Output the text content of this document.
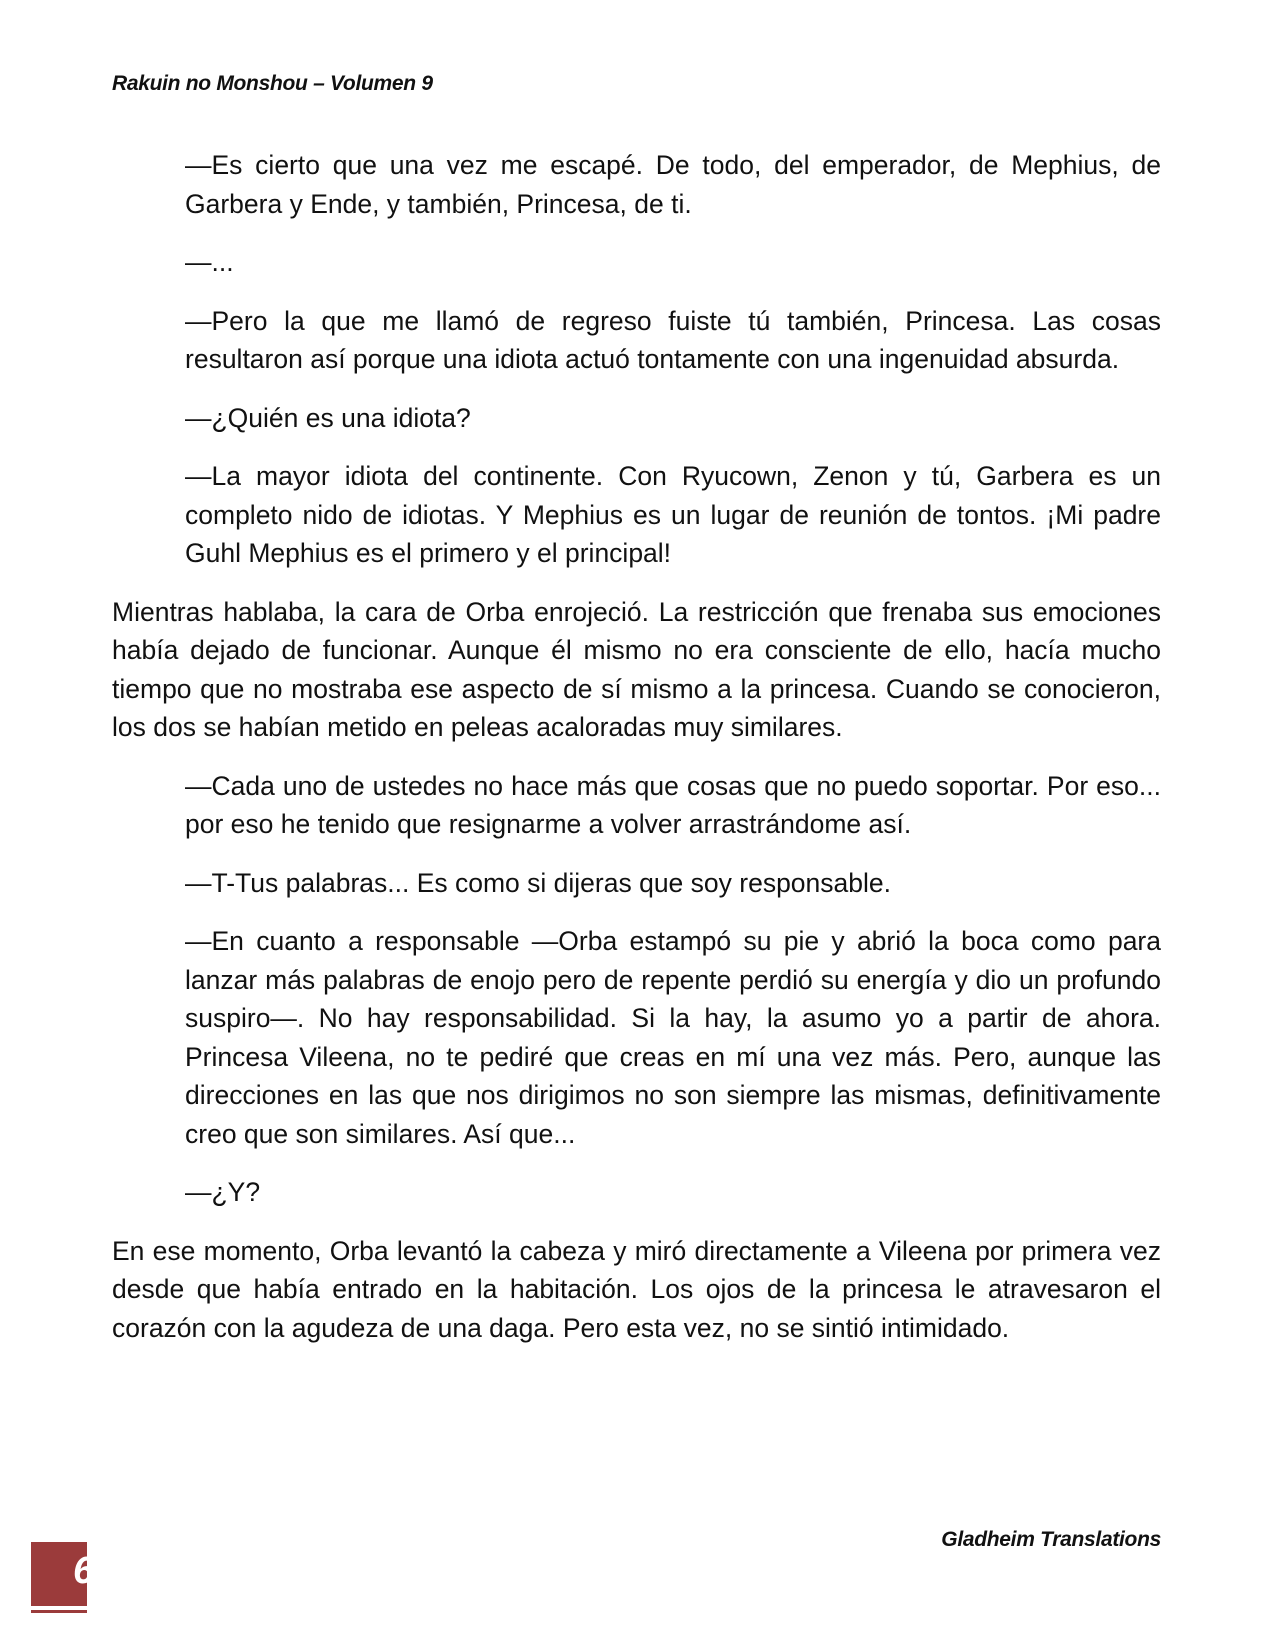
Rakuin no Monshou – Volumen 9

—Es cierto que una vez me escapé. De todo, del emperador, de Mephius, de Garbera y Ende, y también, Princesa, de ti.

—...

—Pero la que me llamó de regreso fuiste tú también, Princesa. Las cosas resultaron así porque una idiota actuó tontamente con una ingenuidad absurda.

—¿Quién es una idiota?

—La mayor idiota del continente. Con Ryucown, Zenon y tú, Garbera es un completo nido de idiotas. Y Mephius es un lugar de reunión de tontos. ¡Mi padre Guhl Mephius es el primero y el principal!

Mientras hablaba, la cara de Orba enrojeció. La restricción que frenaba sus emociones había dejado de funcionar. Aunque él mismo no era consciente de ello, hacía mucho tiempo que no mostraba ese aspecto de sí mismo a la princesa. Cuando se conocieron, los dos se habían metido en peleas acaloradas muy similares.

—Cada uno de ustedes no hace más que cosas que no puedo soportar. Por eso... por eso he tenido que resignarme a volver arrastrándome así.

—T-Tus palabras... Es como si dijeras que soy responsable.

—En cuanto a responsable —Orba estampó su pie y abrió la boca como para lanzar más palabras de enojo pero de repente perdió su energía y dio un profundo suspiro—. No hay responsabilidad. Si la hay, la asumo yo a partir de ahora. Princesa Vileena, no te pediré que creas en mí una vez más. Pero, aunque las direcciones en las que nos dirigimos no son siempre las mismas, definitivamente creo que son similares. Así que...

—¿Y?

En ese momento, Orba levantó la cabeza y miró directamente a Vileena por primera vez desde que había entrado en la habitación. Los ojos de la princesa le atravesaron el corazón con la agudeza de una daga. Pero esta vez, no se sintió intimidado.

Gladheim Translations
6
